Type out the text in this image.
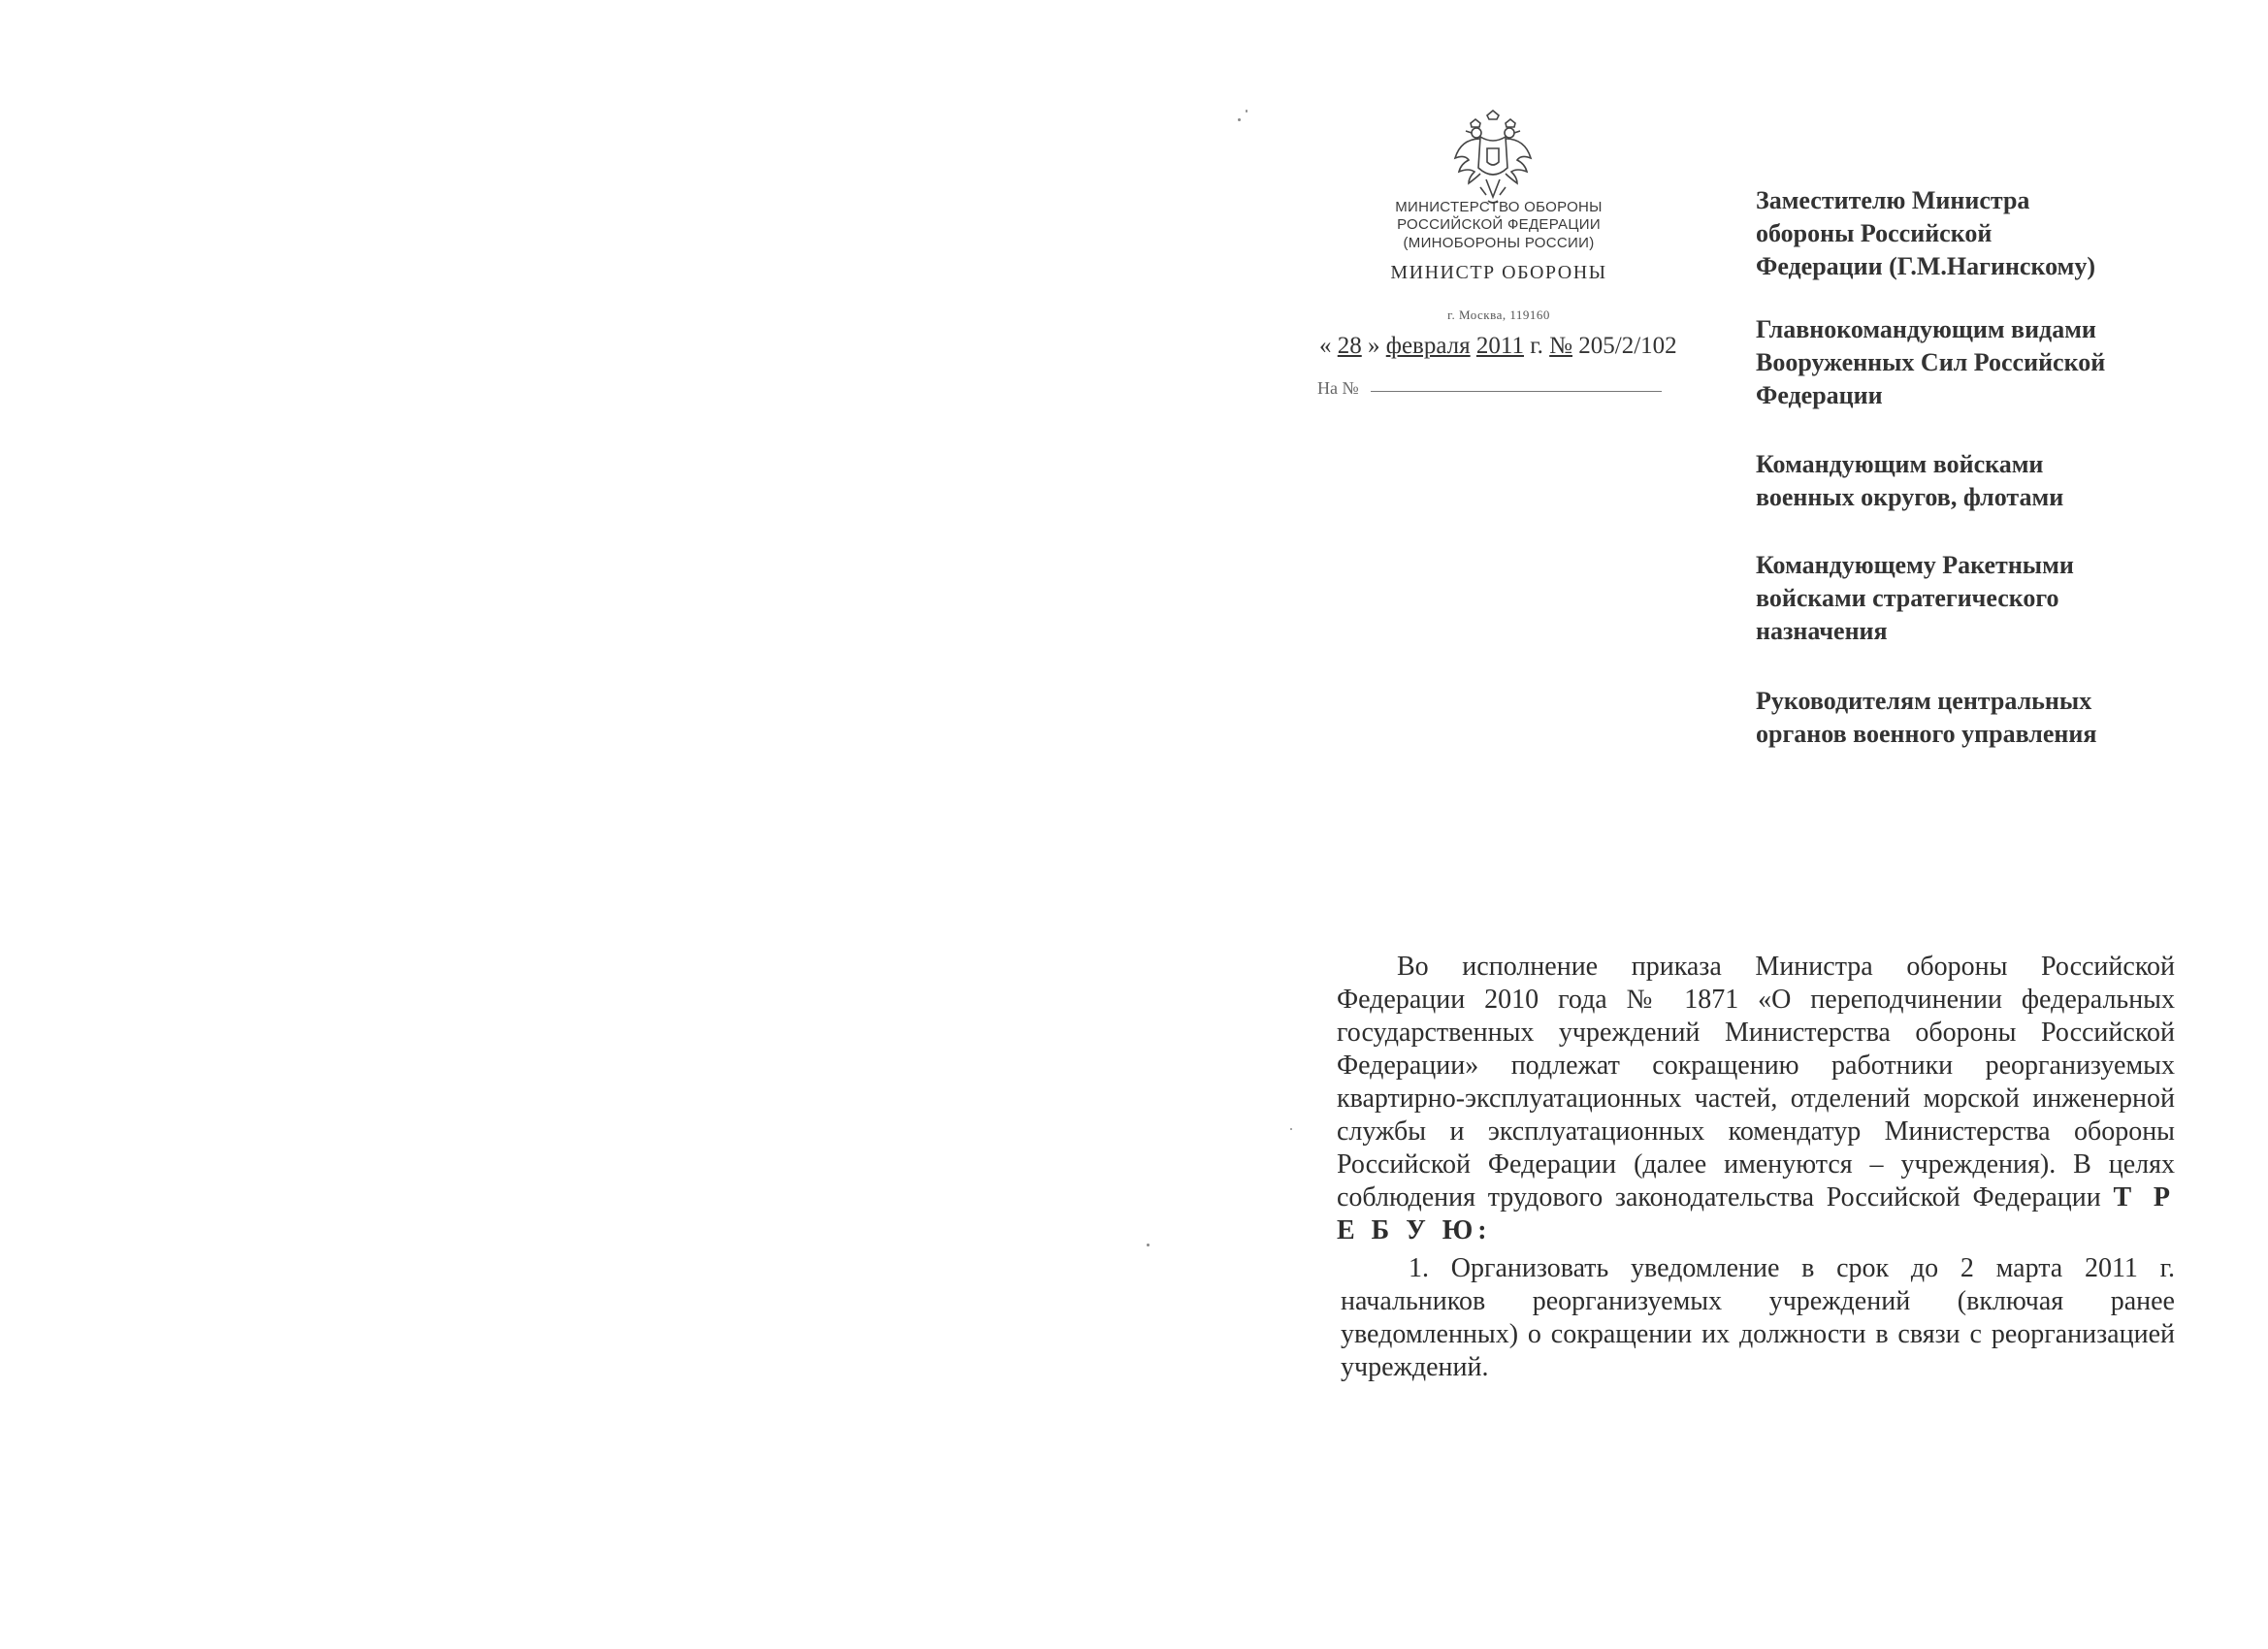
МИНИСТЕРСТВО ОБОРОНЫ
РОССИЙСКОЙ ФЕДЕРАЦИИ
(МИНОБОРОНЫ РОССИИ)
МИНИСТР ОБОРОНЫ
г. Москва, 119160
« 28 » февраля 2011 г. № 205/2/102
На №
Заместителю Министра
обороны Российской
Федерации (Г.М.Нагинскому)
Главнокомандующим видами
Вооруженных Сил Российской
Федерации
Командующим войсками
военных округов, флотами
Командующему Ракетными
войсками стратегического
назначения
Руководителям центральных
органов военного управления
Во исполнение приказа Министра обороны Российской Федерации 2010 года № 1871 «О переподчинении федеральных государственных учреждений Министерства обороны Российской Федерации» подлежат сокращению работники реорганизуемых квартирно-эксплуатационных частей, отделений морской инженерной службы и эксплуатационных комендатур Министерства обороны Российской Федерации (далее именуются – учреждения). В целях соблюдения трудового законодательства Российской Федерации Т Р Е Б У Ю:
1. Организовать уведомление в срок до 2 марта 2011 г. начальников реорганизуемых учреждений (включая ранее уведомленных) о сокращении их должности в связи с реорганизацией учреждений.
